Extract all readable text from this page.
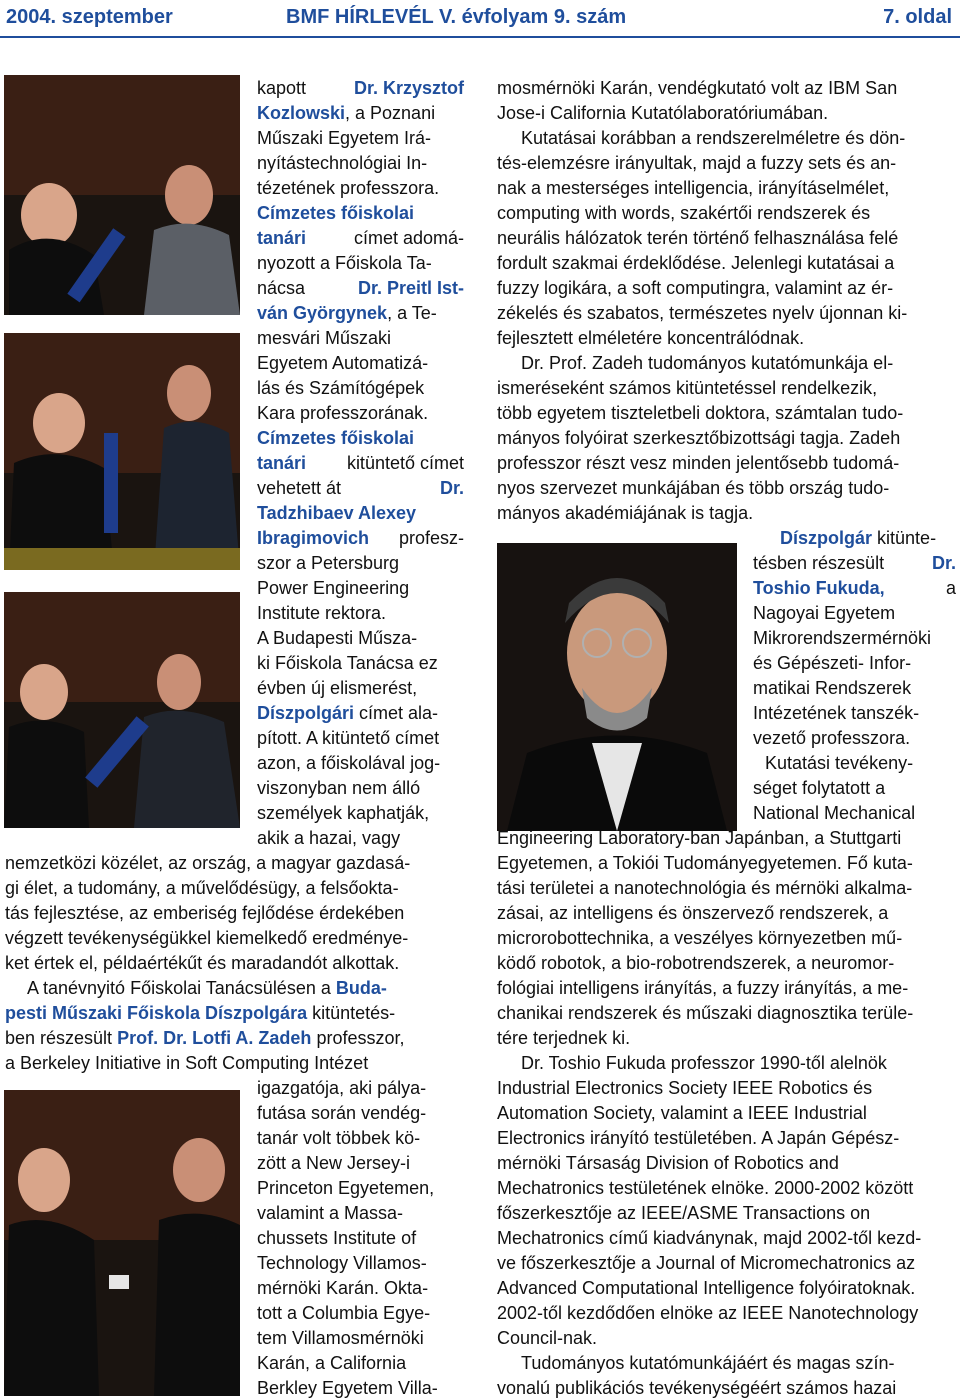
2004. szeptember	BMF HÍRLEVÉL V. évfolyam 9. szám	7. oldal
kapott	Dr. Krzysztof
Kozlowski, a Poznani
Műszaki Egyetem Irá-
nyítástechnológiai In-
tézetének professzora.
Címzetes főiskolai
tanári	címet adomá-
nyozott a Főiskola Ta-
nácsa	Dr. Preitl Ist-
ván Györgynek, a Te-
mesvári Műszaki
Egyetem Automatizá-
lás és Számítógépek
Kara professzorának.
Címzetes főiskolai
tanári kitüntető címet
vehetett át	Dr.
Tadzhibaev Alexey
Ibragimovich profesz-
szor a Petersburg
Power Engineering
Institute rektora.
A Budapesti Műsza-
ki Főiskola Tanácsa ez
évben új elismerést,
Díszpolgári címet ala-
pított. A kitüntető címet
azon, a főiskolával jog-
viszonyban nem álló
személyek kaphatják,
akik a hazai, vagy
nemzetközi közélet, az ország, a magyar gazdasá-
gi élet, a tudomány, a művelődésügy, a felsőokta-
tás fejlesztése, az emberiség fejlődése érdekében
végzett tevékenységükkel kiemelkedő eredménye-
ket értek el, példaértékűt és maradandót alkottak.
A tanévnyitó Főiskolai Tanácsülésen a Buda-
pesti Műszaki Főiskola Díszpolgára kitüntetés-
ben részesült Prof. Dr. Lotfi A. Zadeh professzor,
a Berkeley Initiative in Soft Computing Intézet
igazgatója, aki pálya-
futása során vendég-
tanár volt többek kö-
zött a New Jersey-i
Princeton Egyetemen,
valamint a Massa-
chussets Institute of
Technology Villamos-
mérnöki Karán. Okta-
tott a Columbia Egye-
tem Villamosmérnöki
Karán, a California
Berkley Egyetem Villa-
mosmérnöki Karán, vendégkutató volt az IBM San
Jose-i California Kutatólaboratóriumában.
Kutatásai korábban a rendszerelméletre és dön-
tés-elemzésre irányultak, majd a fuzzy sets és an-
nak a mesterséges intelligencia, irányításelmélet,
computing with words, szakértői rendszerek és
neurális hálózatok terén történő felhasználása felé
fordult szakmai érdeklődése. Jelenlegi kutatásai a
fuzzy logikára, a soft computingra, valamint az ér-
zékelés és szabatos, természetes nyelv újonnan ki-
fejlesztett elméletére koncentrálódnak.
Dr. Prof. Zadeh tudományos kutatómunkája el-
ismeréseként számos kitüntetéssel rendelkezik,
több egyetem tiszteletbeli doktora, számtalan tudo-
mányos folyóirat szerkesztőbizottsági tagja. Zadeh
professzor részt vesz minden jelentősebb tudomá-
nyos szervezet munkájában és több ország tudo-
mányos akadémiájának is tagja.
Díszpolgár kitünte-
tésben részesült	Dr.
Toshio Fukuda,	a
Nagoyai Egyetem
Mikrorendszermérnöki
és Gépészeti- Infor-
matikai Rendszerek
Intézetének tanszék-
vezető professzora.
Kutatási tevékeny-
séget folytatott a
National Mechanical
Engineering Laboratory-ban Japánban, a Stuttgarti
Egyetemen, a Tokiói Tudományegyetemen. Fő kuta-
tási területei a nanotechnológia és mérnöki alkalma-
zásai, az intelligens és önszervező rendszerek, a
microrobottechnika, a veszélyes környezetben mű-
ködő robotok, a bio-robotrendszerek, a neuromor-
fológiai intelligens irányítás, a fuzzy irányítás, a me-
chanikai rendszerek és műszaki diagnosztika terüle-
tére terjednek ki.
Dr. Toshio Fukuda professzor 1990-től alelnök
Industrial Electronics Society IEEE Robotics és
Automation Society, valamint a IEEE Industrial
Electronics irányító testületében. A Japán Gépész-
mérnöki Társaság Division of Robotics and
Mechatronics testületének elnöke. 2000-2002 között
főszerkesztője az IEEE/ASME Transactions on
Mechatronics című kiadványnak, majd 2002-től kezd-
ve főszerkesztője a Journal of Micromechatronics az
Advanced Computational Intelligence folyóiratoknak.
2002-től kezdődően elnöke az IEEE Nanotechnology
Council-nak.
Tudományos kutatómunkájáért és magas szín-
vonalú publikációs tevékenységéért számos hazai
